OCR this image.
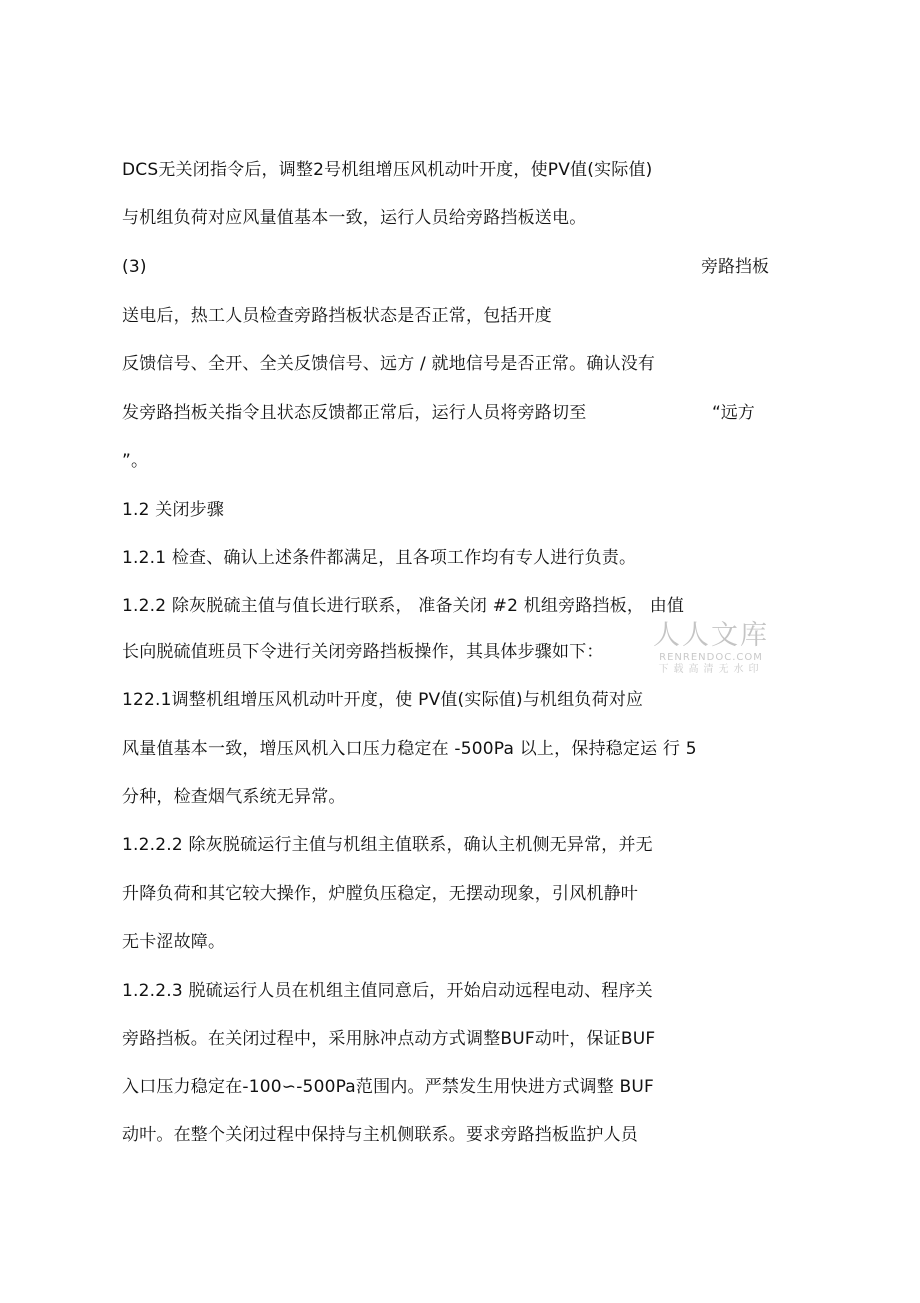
DCS无关闭指令后，调整2号机组增压风机动叶开度，使PV值(实际值)
与机组负荷对应风量值基本一致，运行人员给旁路挡板送电。
(3)	旁路挡板
送电后，热工人员检查旁路挡板状态是否正常，包括开度
反馈信号、全开、全关反馈信号、远方 / 就地信号是否正常。确认没有
发旁路挡板关指令且状态反馈都正常后，运行人员将旁路切至	“远方
”。
1.2 关闭步骤
1.2.1 检查、确认上述条件都满足，且各项工作均有专人进行负责。
1.2.2 除灰脱硫主值与值长进行联系， 准备关闭 #2 机组旁路挡板， 由值
长向脱硫值班员下令进行关闭旁路挡板操作，其具体步骤如下：
122.1调整机组增压风机动叶开度，使 PV值(实际值)与机组负荷对应
风量值基本一致，增压风机入口压力稳定在 -500Pa 以上，保持稳定运 行 5
分种，检查烟气系统无异常。
1.2.2.2 除灰脱硫运行主值与机组主值联系，确认主机侧无异常，并无
升降负荷和其它较大操作，炉膛负压稳定，无摆动现象，引风机静叶
无卡涩故障。
1.2.2.3 脱硫运行人员在机组主值同意后，开始启动远程电动、程序关
旁路挡板。在关闭过程中，采用脉冲点动方式调整BUF动叶，保证BUF
入口压力稳定在-100∽-500Pa范围内。严禁发生用快进方式调整 BUF
动叶。在整个关闭过程中保持与主机侧联系。要求旁路挡板监护人员
人人文库
RENRENDOC.COM
下载高清无水印
